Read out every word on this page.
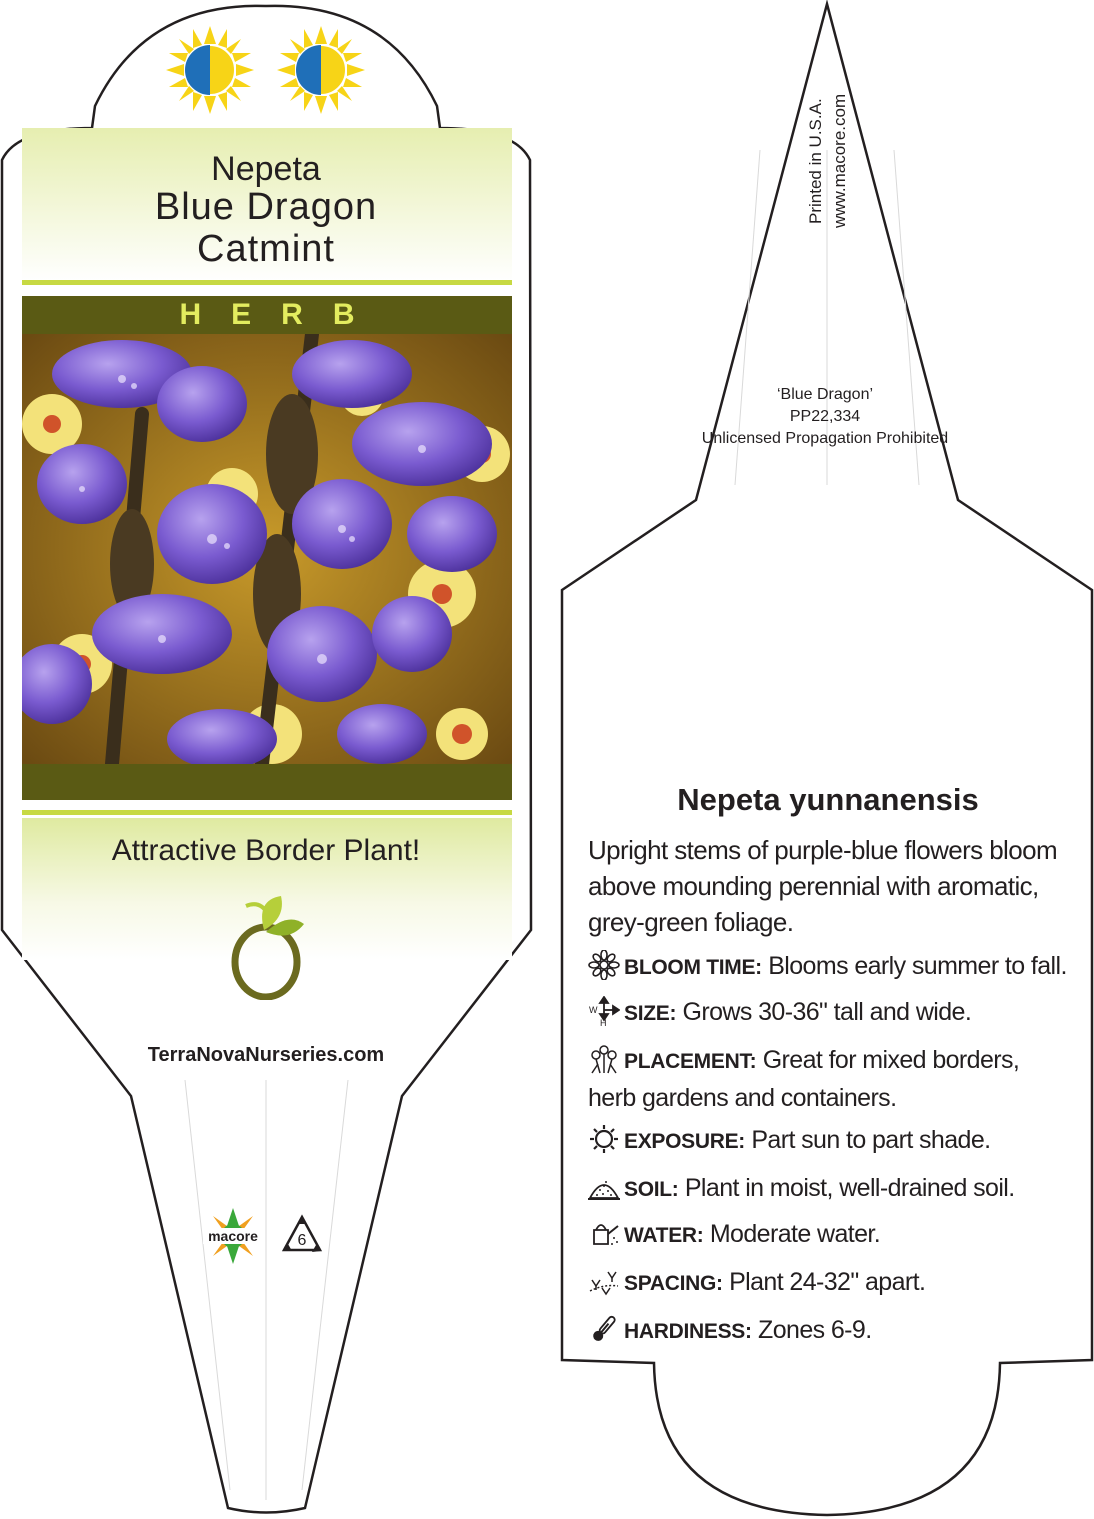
Nepeta
Blue Dragon
Catmint
HERB
Attractive Border Plant!
TerraNovaNurseries.com
macore	6
Printed in U.S.A. www.macore.com
‘Blue Dragon’
PP22,334
Unlicensed Propagation Prohibited
Nepeta yunnanensis
Upright stems of purple-blue flowers bloom above mounding perennial with aromatic, grey-green foliage.
BLOOM TIME: Blooms early summer to fall.
W
H SIZE: Grows 30-36" tall and wide.
PLACEMENT: Great for mixed borders, herb gardens and containers.
EXPOSURE: Part sun to part shade.
SOIL: Plant in moist, well-drained soil.
WATER: Moderate water.
SPACING: Plant 24-32" apart.
HARDINESS: Zones 6-9.
